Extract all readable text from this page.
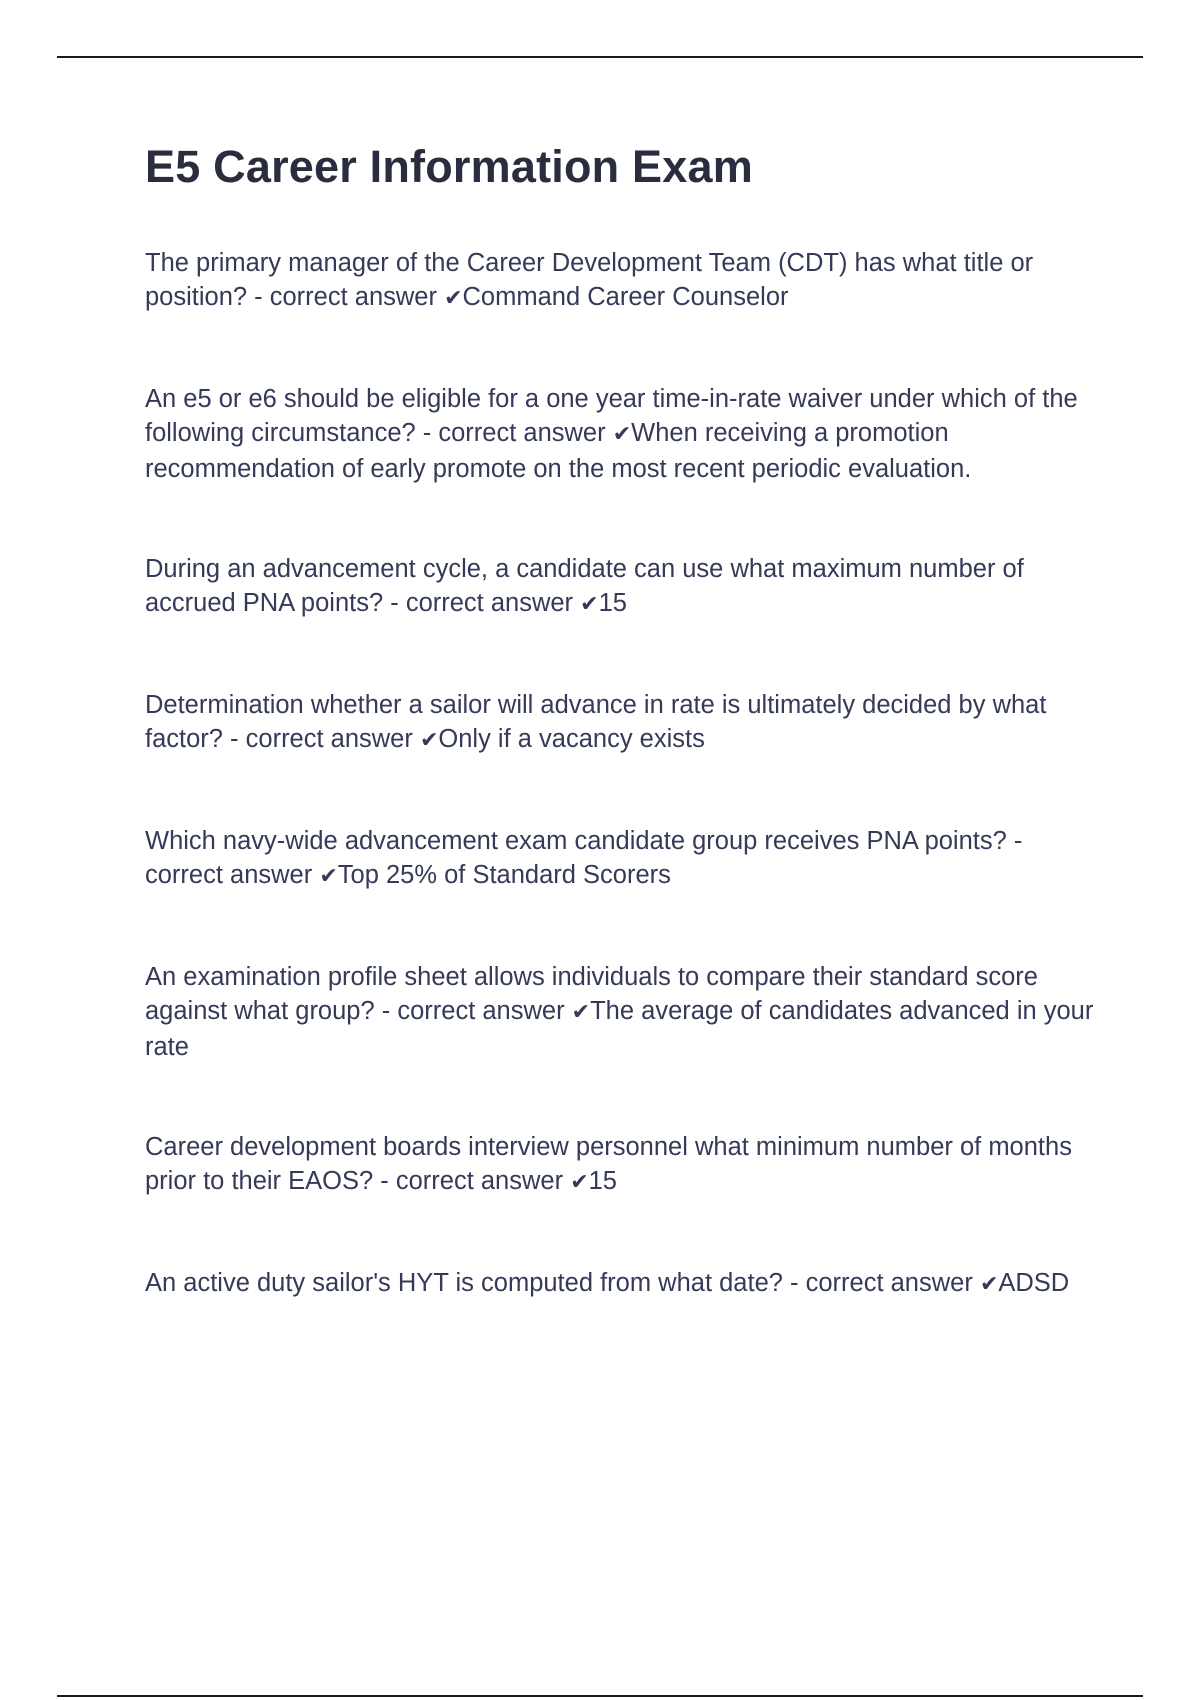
E5 Career Information Exam

The primary manager of the Career Development Team (CDT) has what title or position? - correct answer ✔Command Career Counselor

An e5 or e6 should be eligible for a one year time-in-rate waiver under which of the following circumstance? - correct answer ✔When receiving a promotion recommendation of early promote on the most recent periodic evaluation.

During an advancement cycle, a candidate can use what maximum number of accrued PNA points? - correct answer ✔15

Determination whether a sailor will advance in rate is ultimately decided by what factor? - correct answer ✔Only if a vacancy exists

Which navy-wide advancement exam candidate group receives PNA points? - correct answer ✔Top 25% of Standard Scorers

An examination profile sheet allows individuals to compare their standard score against what group? - correct answer ✔The average of candidates advanced in your rate

Career development boards interview personnel what minimum number of months prior to their EAOS? - correct answer ✔15

An active duty sailor's HYT is computed from what date? - correct answer ✔ADSD
